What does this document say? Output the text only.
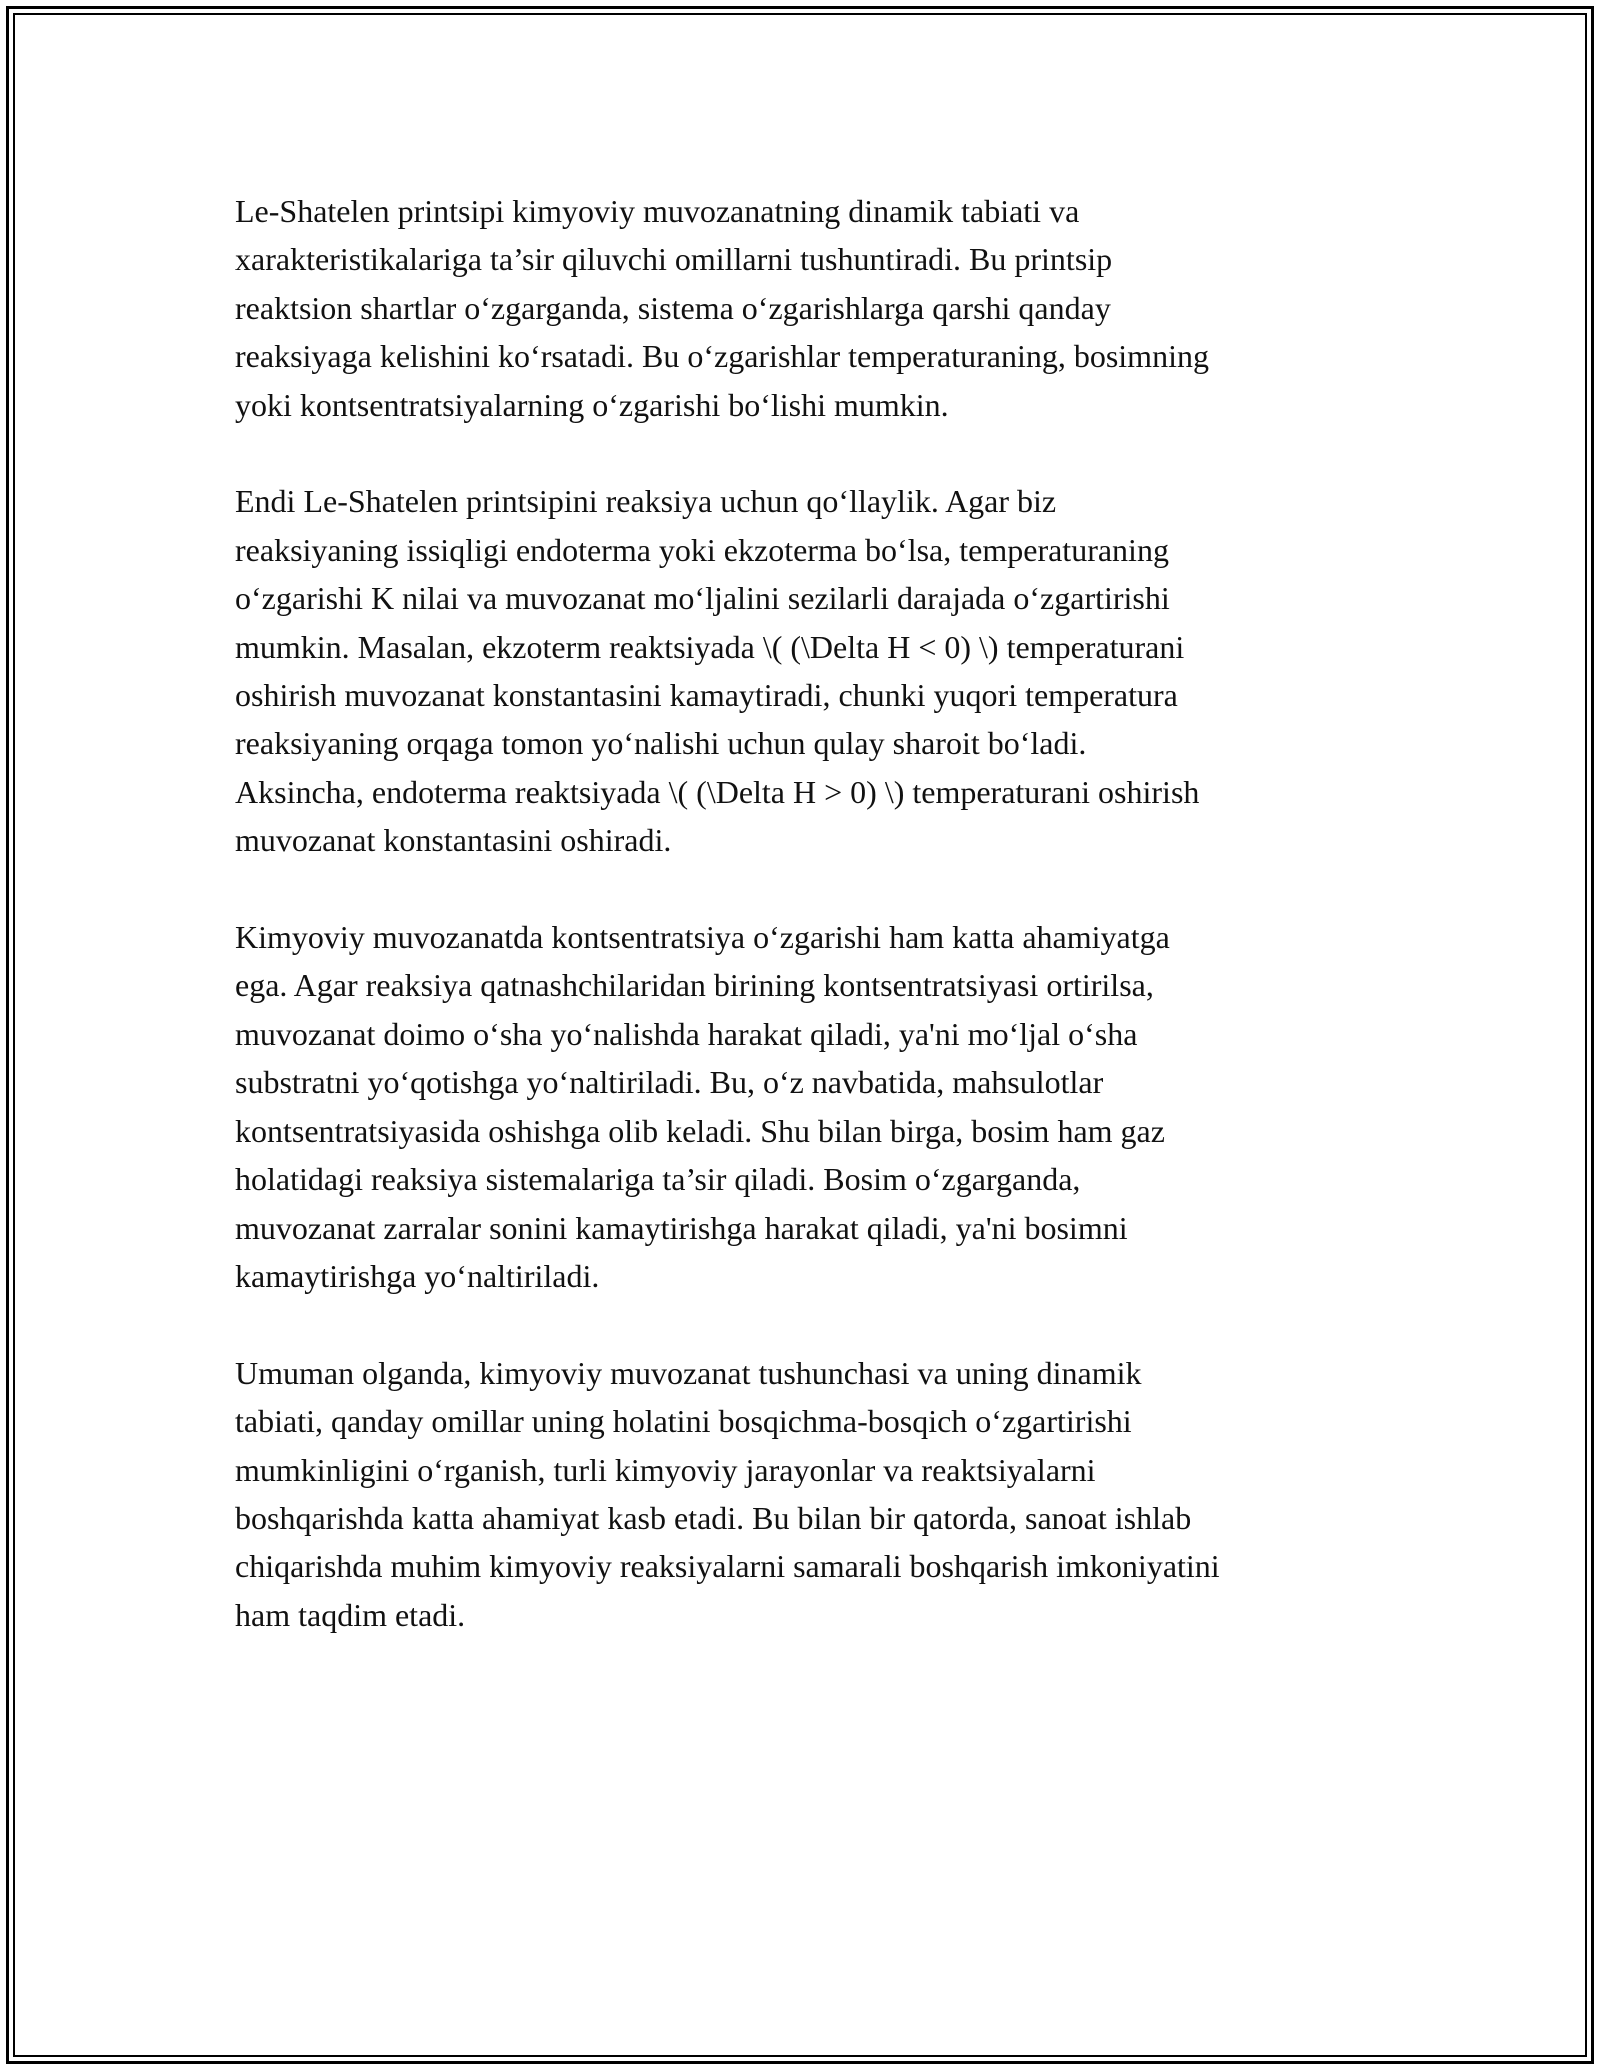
Le-Shatelen printsipi kimyoviy muvozanatning dinamik tabiati va
xarakteristikalariga ta’sir qiluvchi omillarni tushuntiradi. Bu printsip
reaktsion shartlar o‘zgarganda, sistema o‘zgarishlarga qarshi qanday
reaksiyaga kelishini ko‘rsatadi. Bu o‘zgarishlar temperaturaning, bosimning
yoki kontsentratsiyalarning o‘zgarishi bo‘lishi mumkin.

Endi Le-Shatelen printsipini reaksiya uchun qo‘llaylik. Agar biz
reaksiyaning issiqligi endoterma yoki ekzoterma bo‘lsa, temperaturaning
o‘zgarishi K nilai va muvozanat mo‘ljalini sezilarli darajada o‘zgartirishi
mumkin. Masalan, ekzoterm reaktsiyada \( (\Delta H < 0) \) temperaturani
oshirish muvozanat konstantasini kamaytiradi, chunki yuqori temperatura
reaksiyaning orqaga tomon yo‘nalishi uchun qulay sharoit bo‘ladi.
Aksincha, endoterma reaktsiyada \( (\Delta H > 0) \) temperaturani oshirish
muvozanat konstantasini oshiradi.

Kimyoviy muvozanatda kontsentratsiya o‘zgarishi ham katta ahamiyatga
ega. Agar reaksiya qatnashchilaridan birining kontsentratsiyasi ortirilsa,
muvozanat doimo o‘sha yo‘nalishda harakat qiladi, ya'ni mo‘ljal o‘sha
substratni yo‘qotishga yo‘naltiriladi. Bu, o‘z navbatida, mahsulotlar
kontsentratsiyasida oshishga olib keladi. Shu bilan birga, bosim ham gaz
holatidagi reaksiya sistemalariga ta’sir qiladi. Bosim o‘zgarganda,
muvozanat zarralar sonini kamaytirishga harakat qiladi, ya'ni bosimni
kamaytirishga yo‘naltiriladi.

Umuman olganda, kimyoviy muvozanat tushunchasi va uning dinamik
tabiati, qanday omillar uning holatini bosqichma-bosqich o‘zgartirishi
mumkinligini o‘rganish, turli kimyoviy jarayonlar va reaktsiyalarni
boshqarishda katta ahamiyat kasb etadi. Bu bilan bir qatorda, sanoat ishlab
chiqarishda muhim kimyoviy reaksiyalarni samarali boshqarish imkoniyatini
ham taqdim etadi.
